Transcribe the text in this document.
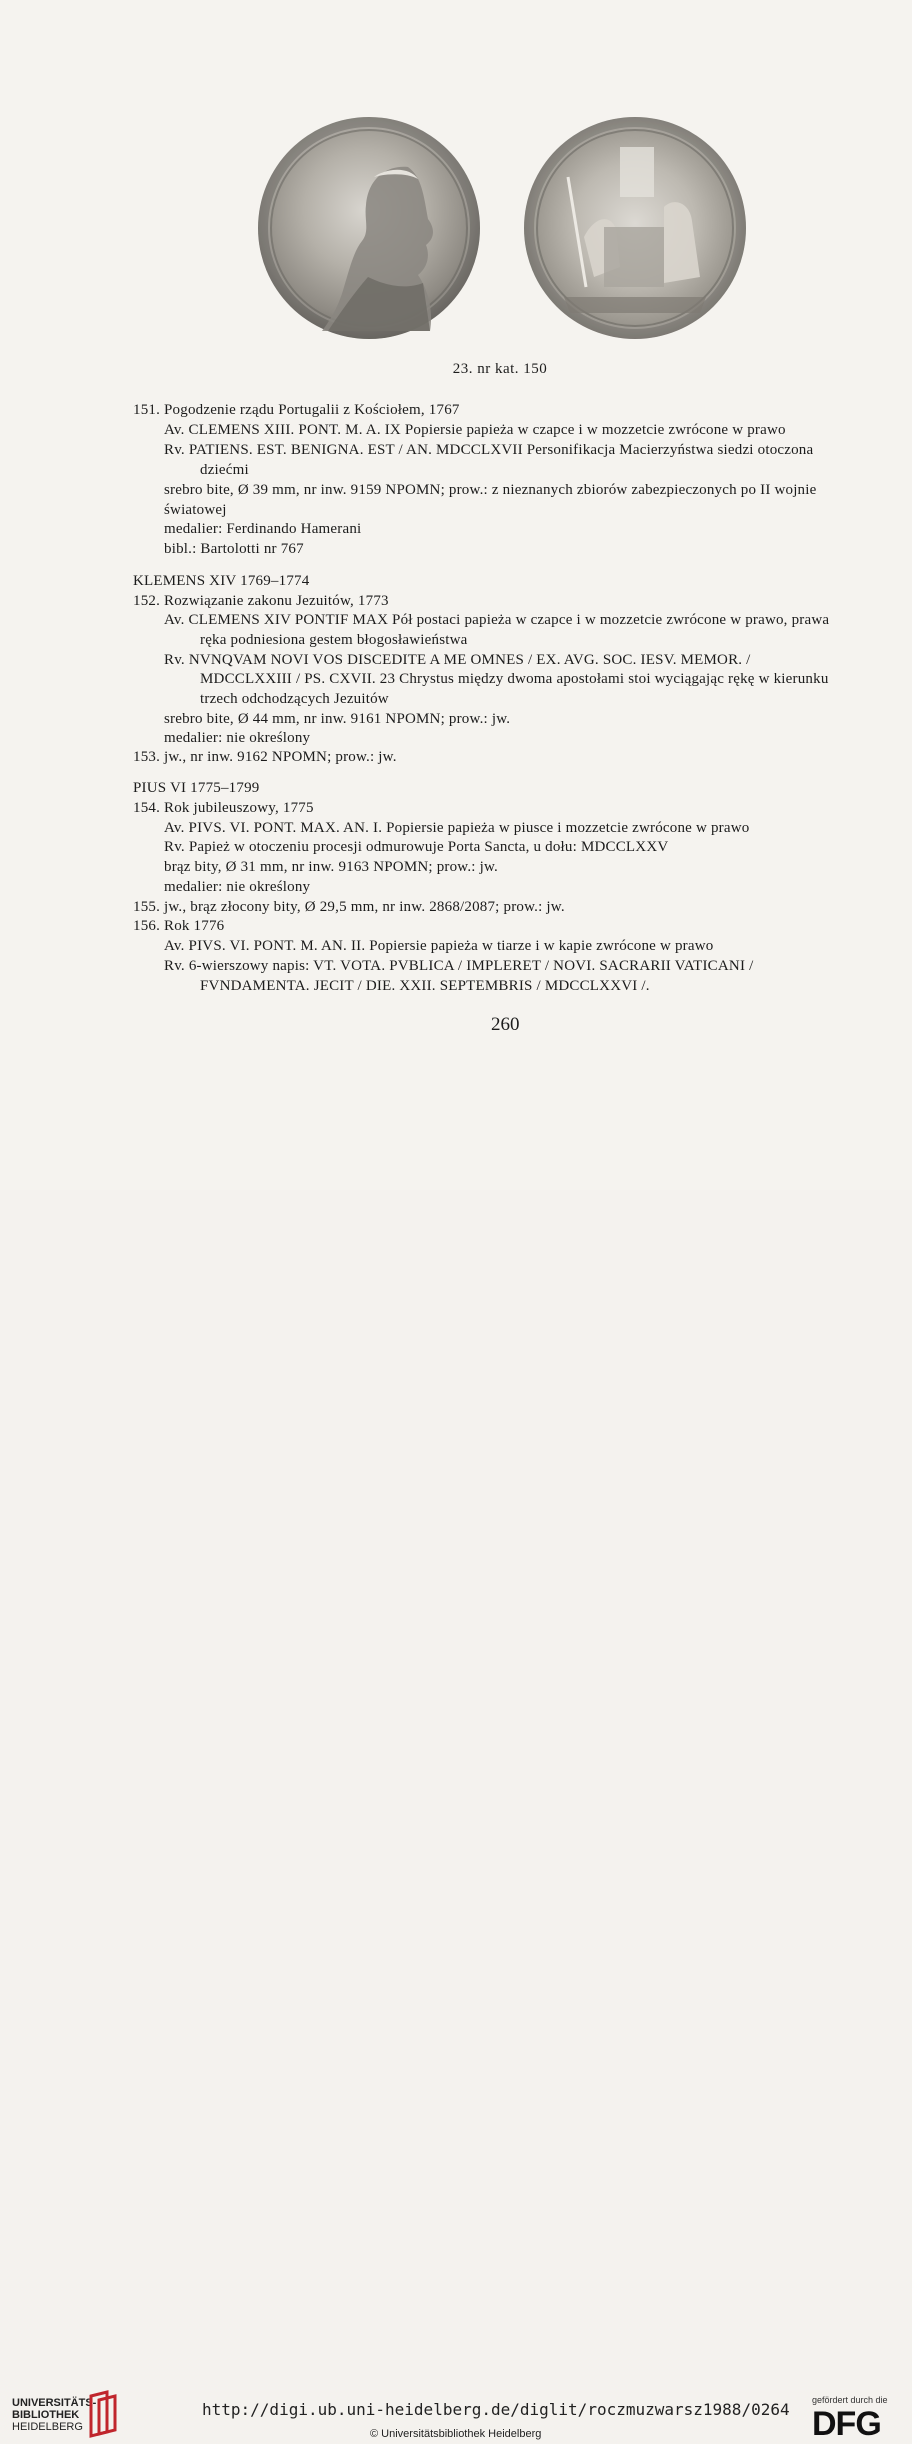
23. nr kat. 150
151. Pogodzenie rządu Portugalii z Kościołem, 1767
Av. CLEMENS XIII. PONT. M. A. IX Popiersie papieża w czapce i w mozzetcie zwrócone w prawo
Rv. PATIENS. EST. BENIGNA. EST / AN. MDCCLXVII Personifikacja Macierzyństwa siedzi otoczona
dziećmi
srebro bite, Ø 39 mm, nr inw. 9159 NPOMN; prow.: z nieznanych zbiorów zabezpieczonych po II wojnie
światowej
medalier: Ferdinando Hamerani
bibl.: Bartolotti nr 767
KLEMENS XIV 1769–1774
152. Rozwiązanie zakonu Jezuitów, 1773
Av. CLEMENS XIV PONTIF MAX Pół postaci papieża w czapce i w mozzetcie zwrócone w prawo, prawa
ręka podniesiona gestem błogosławieństwa
Rv. NVNQVAM NOVI VOS DISCEDITE A ME OMNES / EX. AVG. SOC. IESV. MEMOR. /
MDCCLXXIII / PS. CXVII. 23 Chrystus między dwoma apostołami stoi wyciągając rękę w kierunku
trzech odchodzących Jezuitów
srebro bite, Ø 44 mm, nr inw. 9161 NPOMN; prow.: jw.
medalier: nie określony
153. jw., nr inw. 9162 NPOMN; prow.: jw.
PIUS VI 1775–1799
154. Rok jubileuszowy, 1775
Av. PIVS. VI. PONT. MAX. AN. I. Popiersie papieża w piusce i mozzetcie zwrócone w prawo
Rv. Papież w otoczeniu procesji odmurowuje Porta Sancta, u dołu: MDCCLXXV
brąz bity, Ø 31 mm, nr inw. 9163 NPOMN; prow.: jw.
medalier: nie określony
155. jw., brąz złocony bity, Ø 29,5 mm, nr inw. 2868/2087; prow.: jw.
156. Rok 1776
Av. PIVS. VI. PONT. M. AN. II. Popiersie papieża w tiarze i w kapie zwrócone w prawo
Rv. 6-wierszowy napis: VT. VOTA. PVBLICA / IMPLERET / NOVI. SACRARII VATICANI /
FVNDAMENTA. JECIT / DIE. XXII. SEPTEMBRIS / MDCCLXXVI /.
260
UNIVERSITÄTS-
BIBLIOTHEK
HEIDELBERG
http://digi.ub.uni-heidelberg.de/diglit/roczmuzwarsz1988/0264
© Universitätsbibliothek Heidelberg
gefördert durch die
DFG
